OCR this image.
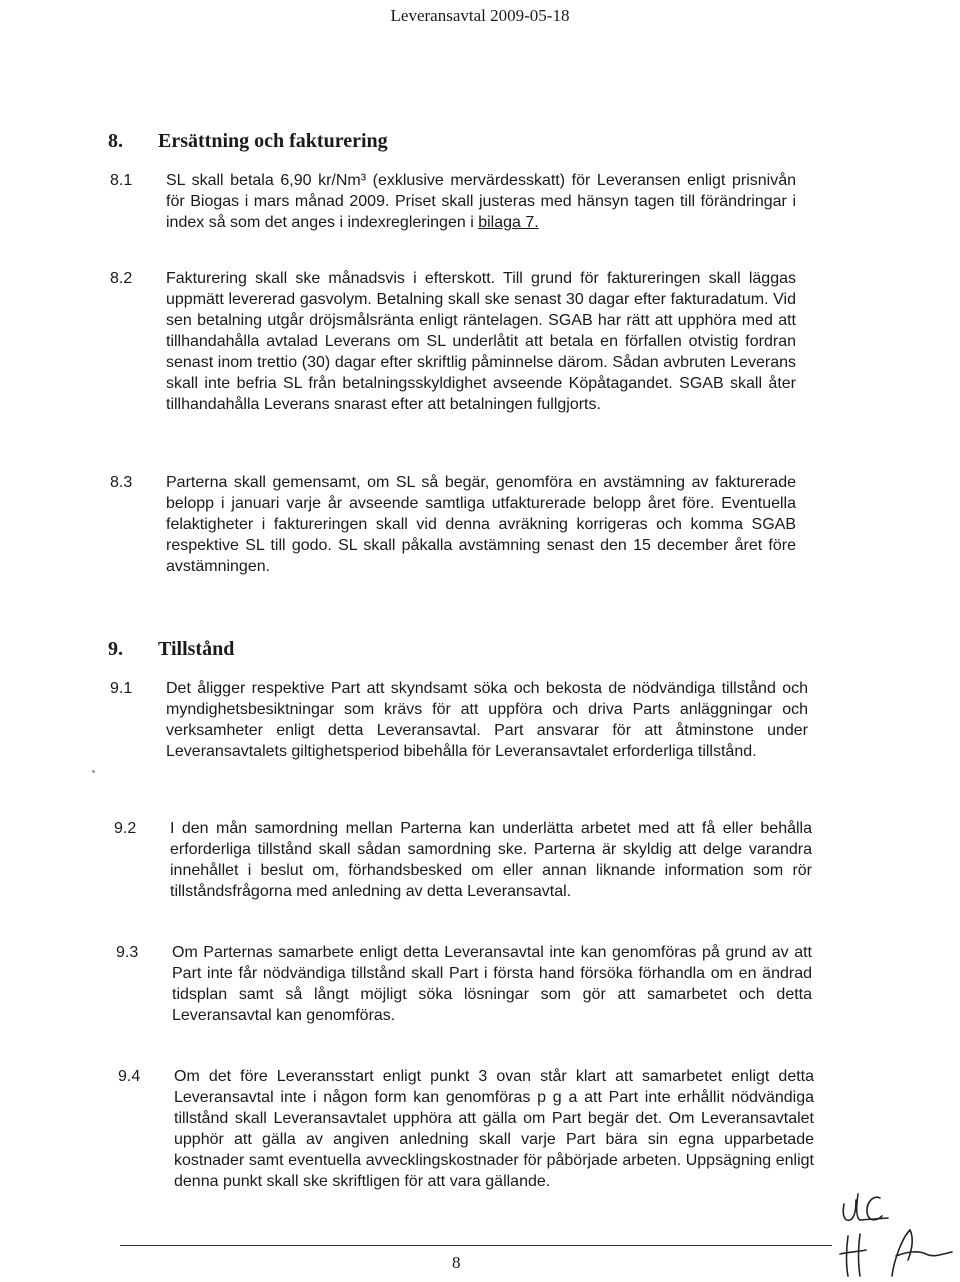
Leveransavtal 2009-05-18
8. Ersättning och fakturering
8.1 SL skall betala 6,90 kr/Nm³ (exklusive mervärdesskatt) för Leveransen enligt prisnivån för Biogas i mars månad 2009. Priset skall justeras med hänsyn tagen till förändringar i index så som det anges i indexregleringen i bilaga 7.
8.2 Fakturering skall ske månadsvis i efterskott. Till grund för faktureringen skall läggas uppmätt levererad gasvolym. Betalning skall ske senast 30 dagar efter fakturadatum. Vid sen betalning utgår dröjsmålsränta enligt räntelagen. SGAB har rätt att upphöra med att tillhandahålla avtalad Leverans om SL underlåtit att betala en förfallen otvistig fordran senast inom trettio (30) dagar efter skriftlig påminnelse därom. Sådan avbruten Leverans skall inte befria SL från betalningsskyldighet avseende Köpåtagandet. SGAB skall åter tillhandahålla Leverans snarast efter att betalningen fullgjorts.
8.3 Parterna skall gemensamt, om SL så begär, genomföra en avstämning av fakturerade belopp i januari varje år avseende samtliga utfakturerade belopp året före. Eventuella felaktigheter i faktureringen skall vid denna avräkning korrigeras och komma SGAB respektive SL till godo. SL skall påkalla avstämning senast den 15 december året före avstämningen.
9. Tillstånd
9.1 Det åligger respektive Part att skyndsamt söka och bekosta de nödvändiga tillstånd och myndighetsbesiktningar som krävs för att uppföra och driva Parts anläggningar och verksamheter enligt detta Leveransavtal. Part ansvarar för att åtminstone under Leveransavtalets giltighetsperiod bibehålla för Leveransavtalet erforderliga tillstånd.
9.2 I den mån samordning mellan Parterna kan underlätta arbetet med att få eller behålla erforderliga tillstånd skall sådan samordning ske. Parterna är skyldig att delge varandra innehållet i beslut om, förhandsbesked om eller annan liknande information som rör tillståndsfrågorna med anledning av detta Leveransavtal.
9.3 Om Parternas samarbete enligt detta Leveransavtal inte kan genomföras på grund av att Part inte får nödvändiga tillstånd skall Part i första hand försöka förhandla om en ändrad tidsplan samt så långt möjligt söka lösningar som gör att samarbetet och detta Leveransavtal kan genomföras.
9.4 Om det före Leveransstart enligt punkt 3 ovan står klart att samarbetet enligt detta Leveransavtal inte i någon form kan genomföras p g a att Part inte erhållit nödvändiga tillstånd skall Leveransavtalet upphöra att gälla om Part begär det. Om Leveransavtalet upphör att gälla av angiven anledning skall varje Part bära sin egna upparbetade kostnader samt eventuella avvecklingskostnader för påbörjade arbeten. Uppsägning enligt denna punkt skall ske skriftligen för att vara gällande.
8
